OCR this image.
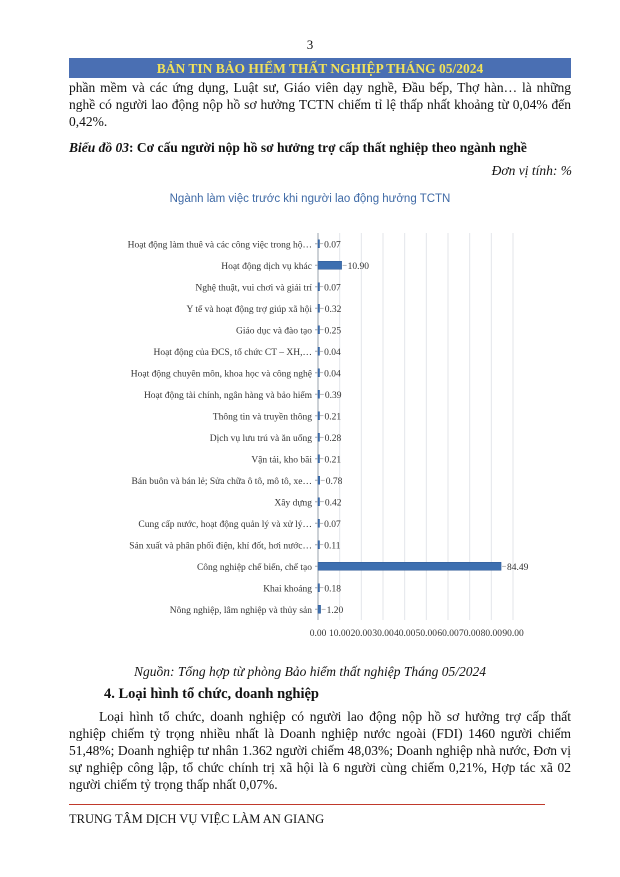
3
BẢN TIN BẢO HIỂM THẤT NGHIỆP THÁNG 05/2024

phần mềm và các ứng dụng, Luật sư, Giáo viên dạy nghề, Đầu bếp, Thợ hàn… là những nghề có người lao động nộp hồ sơ hưởng TCTN chiếm tỉ lệ thấp nhất khoảng từ 0,04% đến 0,42%.

Biểu đồ 03: Cơ cấu người nộp hồ sơ hưởng trợ cấp thất nghiệp theo ngành nghề
Đơn vị tính: %
Ngành làm việc trước khi người lao động hưởng TCTN
Hoạt động làm thuê và các công việc trong hộ… 0.07
Hoạt động dịch vụ khác	10.90
Nghệ thuật, vui chơi và giải trí 0.07
Y tế và hoạt động trợ giúp xã hội 0.32
Giáo dục và đào tạo 0.25
Hoạt động của ĐCS, tổ chức CT – XH,… 0.04
Hoạt động chuyên môn, khoa học và công nghệ 0.04
Hoạt động tài chính, ngân hàng và bảo hiểm 0.39
Thông tin và truyền thông 0.21
Dịch vụ lưu trú và ăn uống 0.28
Vận tải, kho bãi 0.21
Bán buôn và bán lẻ; Sửa chữa ô tô, mô tô, xe… 0.78
Xây dựng 0.42
Cung cấp nước, hoạt động quản lý và xử lý… 0.07
Sản xuất và phân phối điện, khí đốt, hơi nước… 0.11
Công nghiệp chế biến, chế tạo	84.49
Khai khoáng 0.18
Nông nghiệp, lâm nghiệp và thủy sản 1.20
0.00 10.00 20.00 30.00 40.00 50.00 60.00 70.00 80.00 90.00
Nguồn: Tổng hợp từ phòng Bảo hiểm thất nghiệp Tháng 05/2024
4. Loại hình tổ chức, doanh nghiệp

Loại hình tổ chức, doanh nghiệp có người lao động nộp hồ sơ hưởng trợ cấp thất nghiệp chiếm tỷ trọng nhiều nhất là Doanh nghiệp nước ngoài (FDI) 1460 người chiếm 51,48%; Doanh nghiệp tư nhân 1.362 người chiếm 48,03%; Doanh nghiệp nhà nước, Đơn vị sự nghiệp công lập, tổ chức chính trị xã hội là 6 người cùng chiếm 0,21%, Hợp tác xã 02 người chiếm tỷ trọng thấp nhất 0,07%.

TRUNG TÂM DỊCH VỤ VIỆC LÀM AN GIANG
